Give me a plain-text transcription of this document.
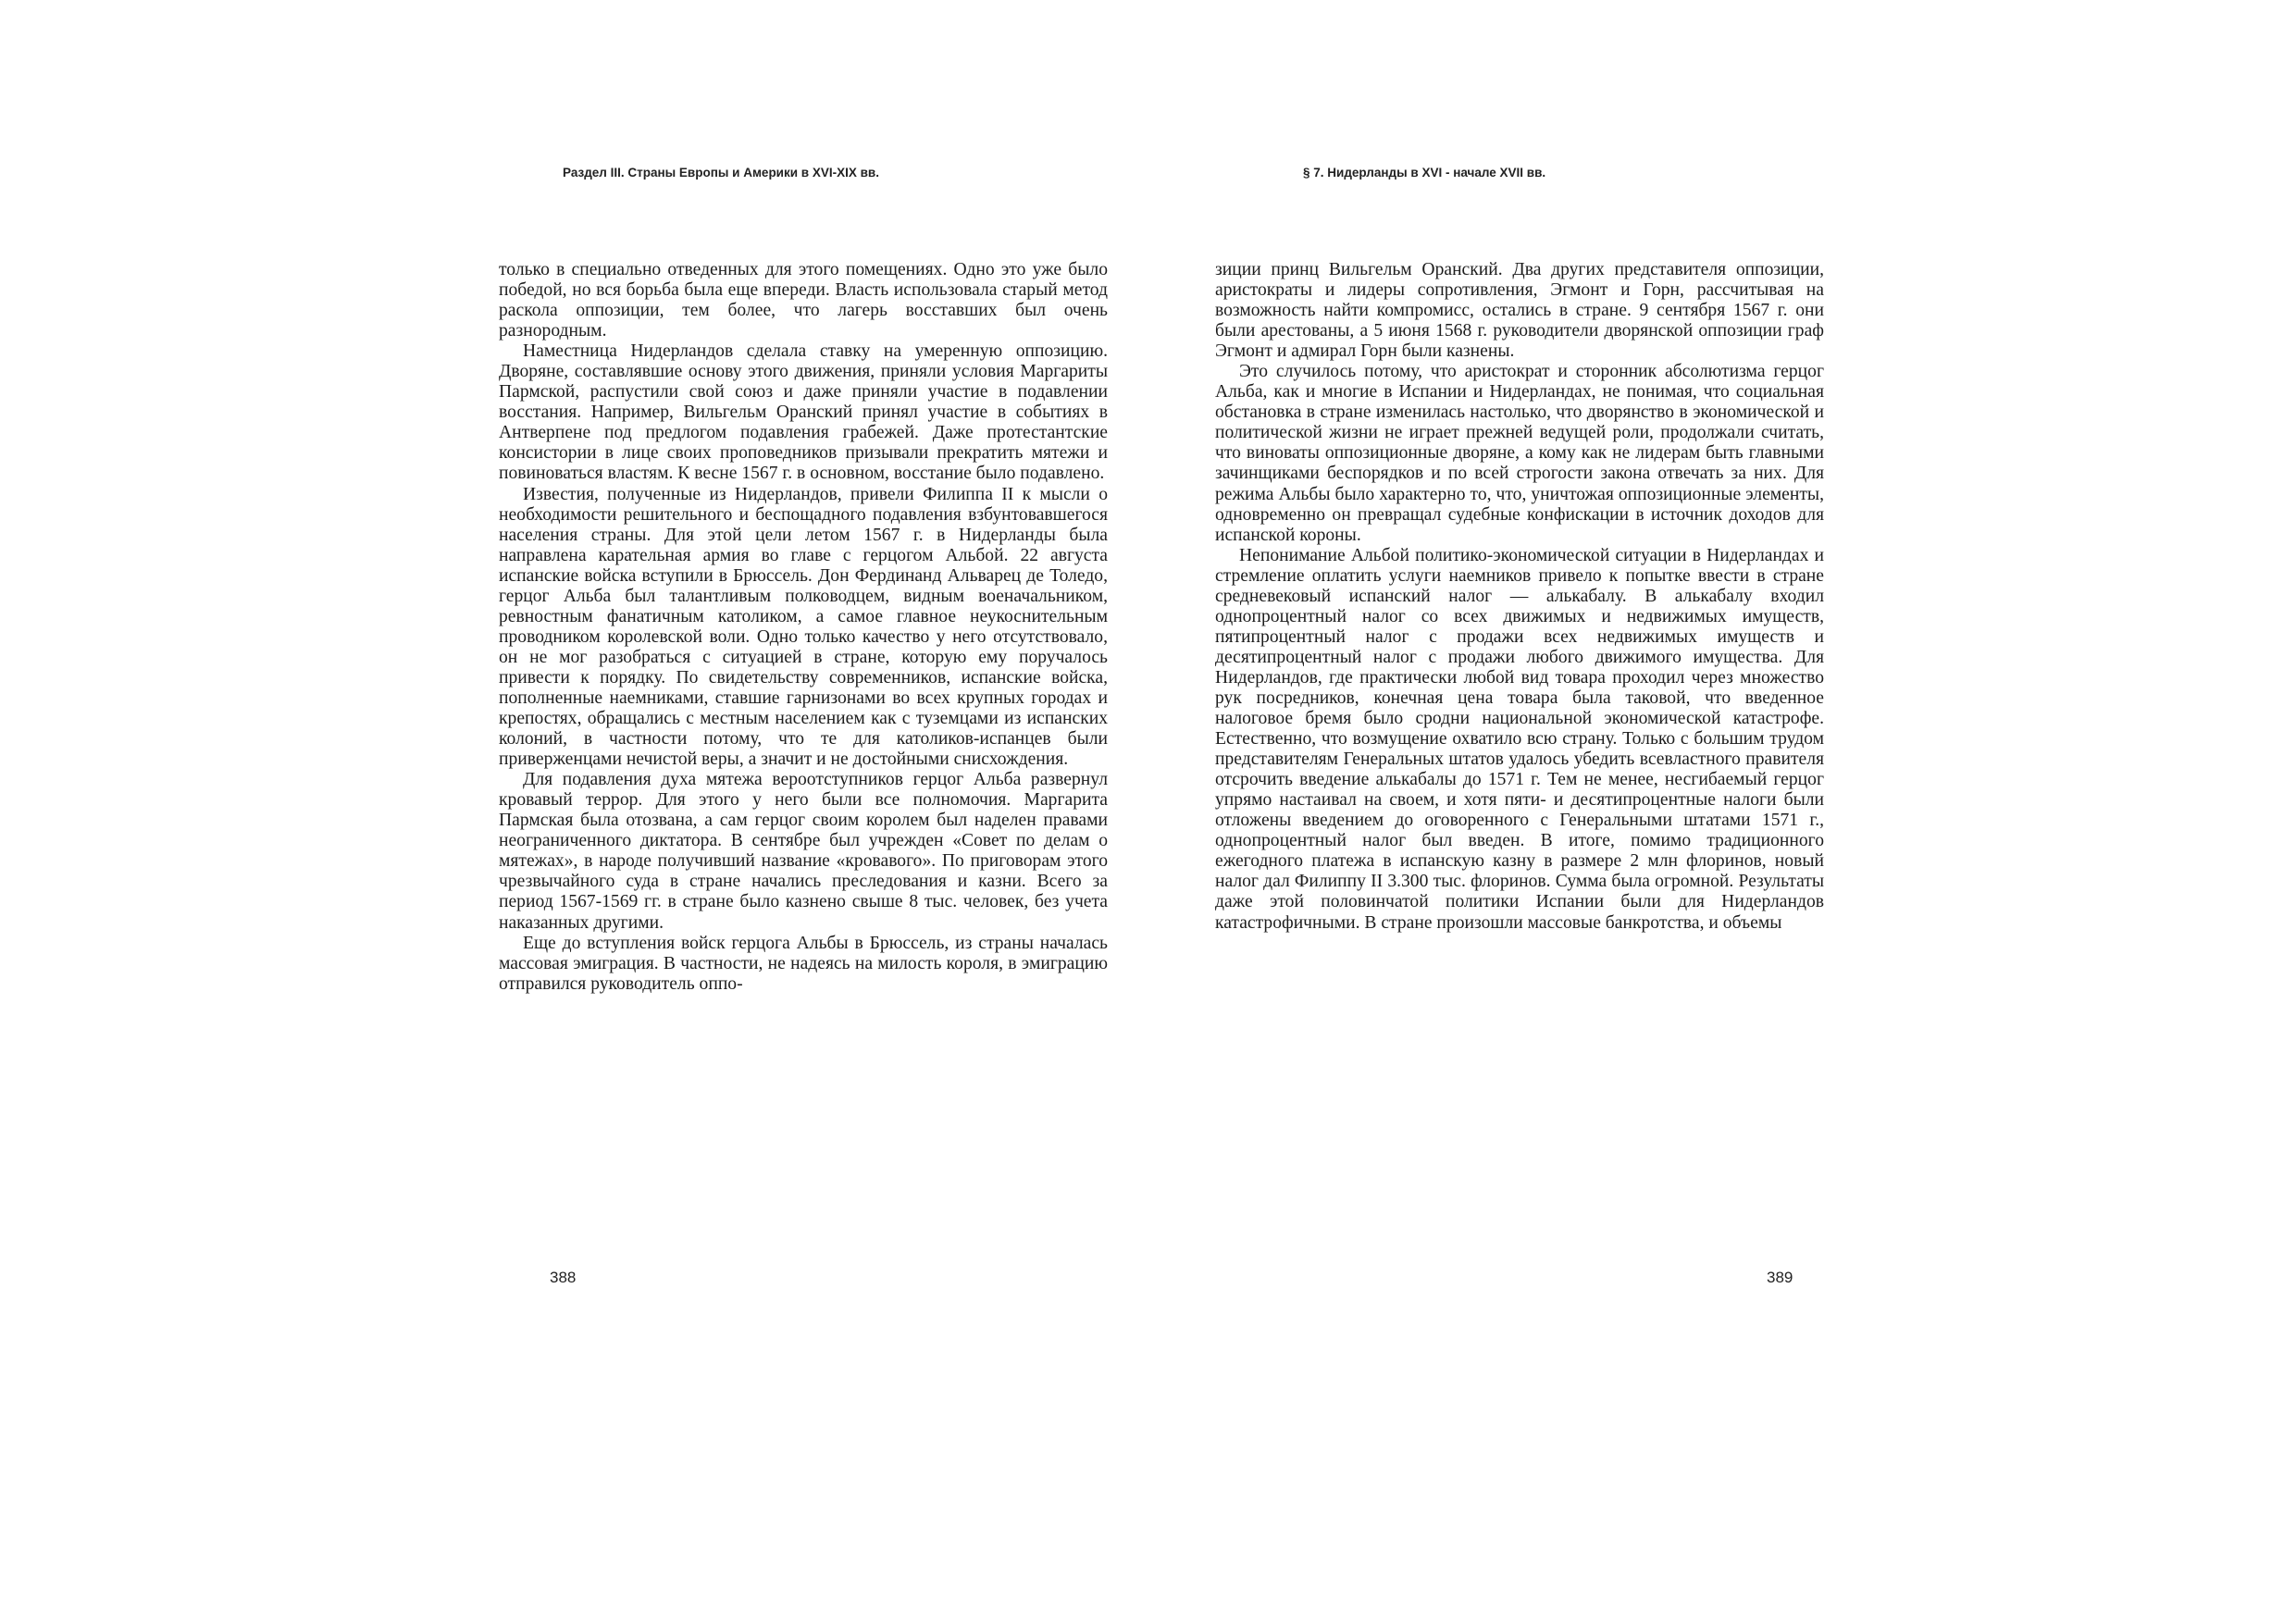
Раздел III. Страны Европы и Америки в XVI-XIX вв.

только в специально отведенных для этого помещениях. Одно это уже было победой, но вся борьба была еще впереди. Власть использовала старый метод раскола оппозиции, тем более, что лагерь восставших был очень разнородным.

Наместница Нидерландов сделала ставку на умеренную оппозицию. Дворяне, составлявшие основу этого движения, приняли условия Маргариты Пармской, распустили свой союз и даже приняли участие в подавлении восстания. Например, Вильгельм Оранский принял участие в событиях в Антверпене под предлогом подавления грабежей. Даже протестантские консистории в лице своих проповедников призывали прекратить мятежи и повиноваться властям. К весне 1567 г. в основном, восстание было подавлено.

Известия, полученные из Нидерландов, привели Филиппа II к мысли о необходимости решительного и беспощадного подавления взбунтовавшегося населения страны. Для этой цели летом 1567 г. в Нидерланды была направлена карательная армия во главе с герцогом Альбой. 22 августа испанские войска вступили в Брюссель. Дон Фердинанд Альварец де Толедо, герцог Альба был талантливым полководцем, видным военачальником, ревностным фанатичным католиком, а самое главное неукоснительным проводником королевской воли. Одно только качество у него отсутствовало, он не мог разобраться с ситуацией в стране, которую ему поручалось привести к порядку. По свидетельству современников, испанские войска, пополненные наемниками, ставшие гарнизонами во всех крупных городах и крепостях, обращались с местным населением как с туземцами из испанских колоний, в частности потому, что те для католиков-испанцев были приверженцами нечистой веры, а значит и не достойными снисхождения.

Для подавления духа мятежа вероотступников герцог Альба развернул кровавый террор. Для этого у него были все полномочия. Маргарита Пармская была отозвана, а сам герцог своим королем был наделен правами неограниченного диктатора. В сентябре был учрежден «Совет по делам о мятежах», в народе получивший название «кровавого». По приговорам этого чрезвычайного суда в стране начались преследования и казни. Всего за период 1567-1569 гг. в стране было казнено свыше 8 тыс. человек, без учета наказанных другими.

Еще до вступления войск герцога Альбы в Брюссель, из страны началась массовая эмиграция. В частности, не надеясь на милость короля, в эмиграцию отправился руководитель оппо-

388
§ 7. Нидерланды в XVI - начале XVII вв.

зиции принц Вильгельм Оранский. Два других представителя оппозиции, аристократы и лидеры сопротивления, Эгмонт и Горн, рассчитывая на возможность найти компромисс, остались в стране. 9 сентября 1567 г. они были арестованы, а 5 июня 1568 г. руководители дворянской оппозиции граф Эгмонт и адмирал Горн были казнены.

Это случилось потому, что аристократ и сторонник абсолютизма герцог Альба, как и многие в Испании и Нидерландах, не понимая, что социальная обстановка в стране изменилась настолько, что дворянство в экономической и политической жизни не играет прежней ведущей роли, продолжали считать, что виноваты оппозиционные дворяне, а кому как не лидерам быть главными зачинщиками беспорядков и по всей строгости закона отвечать за них. Для режима Альбы было характерно то, что, уничтожая оппозиционные элементы, одновременно он превращал судебные конфискации в источник доходов для испанской короны.

Непонимание Альбой политико-экономической ситуации в Нидерландах и стремление оплатить услуги наемников привело к попытке ввести в стране средневековый испанский налог — алькабалу. В алькабалу входил однопроцентный налог со всех движимых и недвижимых имуществ, пятипроцентный налог с продажи всех недвижимых имуществ и десятипроцентный налог с продажи любого движимого имущества. Для Нидерландов, где практически любой вид товара проходил через множество рук посредников, конечная цена товара была таковой, что введенное налоговое бремя было сродни национальной экономической катастрофе. Естественно, что возмущение охватило всю страну. Только с большим трудом представителям Генеральных штатов удалось убедить всевластного правителя отсрочить введение алькабалы до 1571 г. Тем не менее, несгибаемый герцог упрямо настаивал на своем, и хотя пяти- и десятипроцентные налоги были отложены введением до оговоренного с Генеральными штатами 1571 г., однопроцентный налог был введен. В итоге, помимо традиционного ежегодного платежа в испанскую казну в размере 2 млн флоринов, новый налог дал Филиппу II 3.300 тыс. флоринов. Сумма была огромной. Результаты даже этой половинчатой политики Испании были для Нидерландов катастрофичными. В стране произошли массовые банкротства, и объемы

389
